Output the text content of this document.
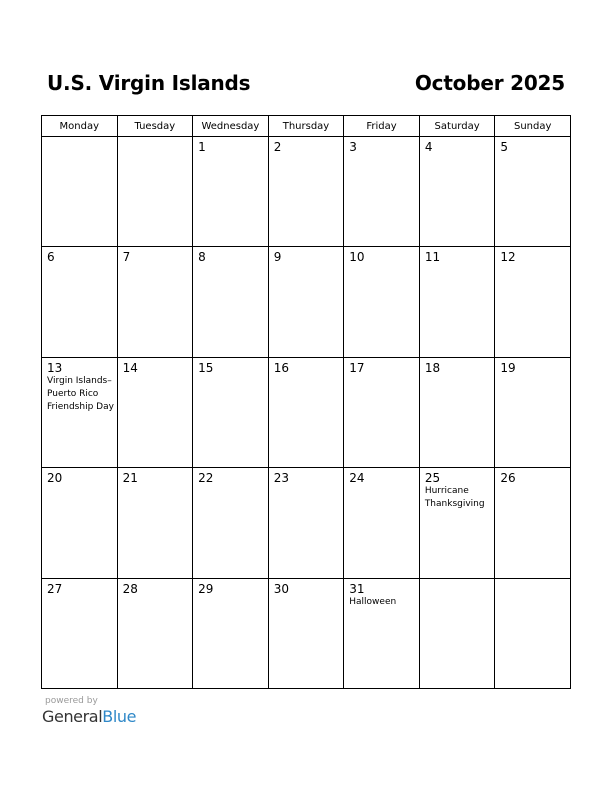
U.S. Virgin Islands	October 2025
Monday	Tuesday	Wednesday	Thursday	Friday	Saturday	Sunday

		1	2	3	4	5

6	7	8	9	10	11	12

13
Virgin Islands–
Puerto Rico
Friendship Day	14	15	16	17	18	19

20	21	22	23	24	25
Hurricane
Thanksgiving	26

27	28	29	30	31
Halloween		

powered by
GeneralBlue
